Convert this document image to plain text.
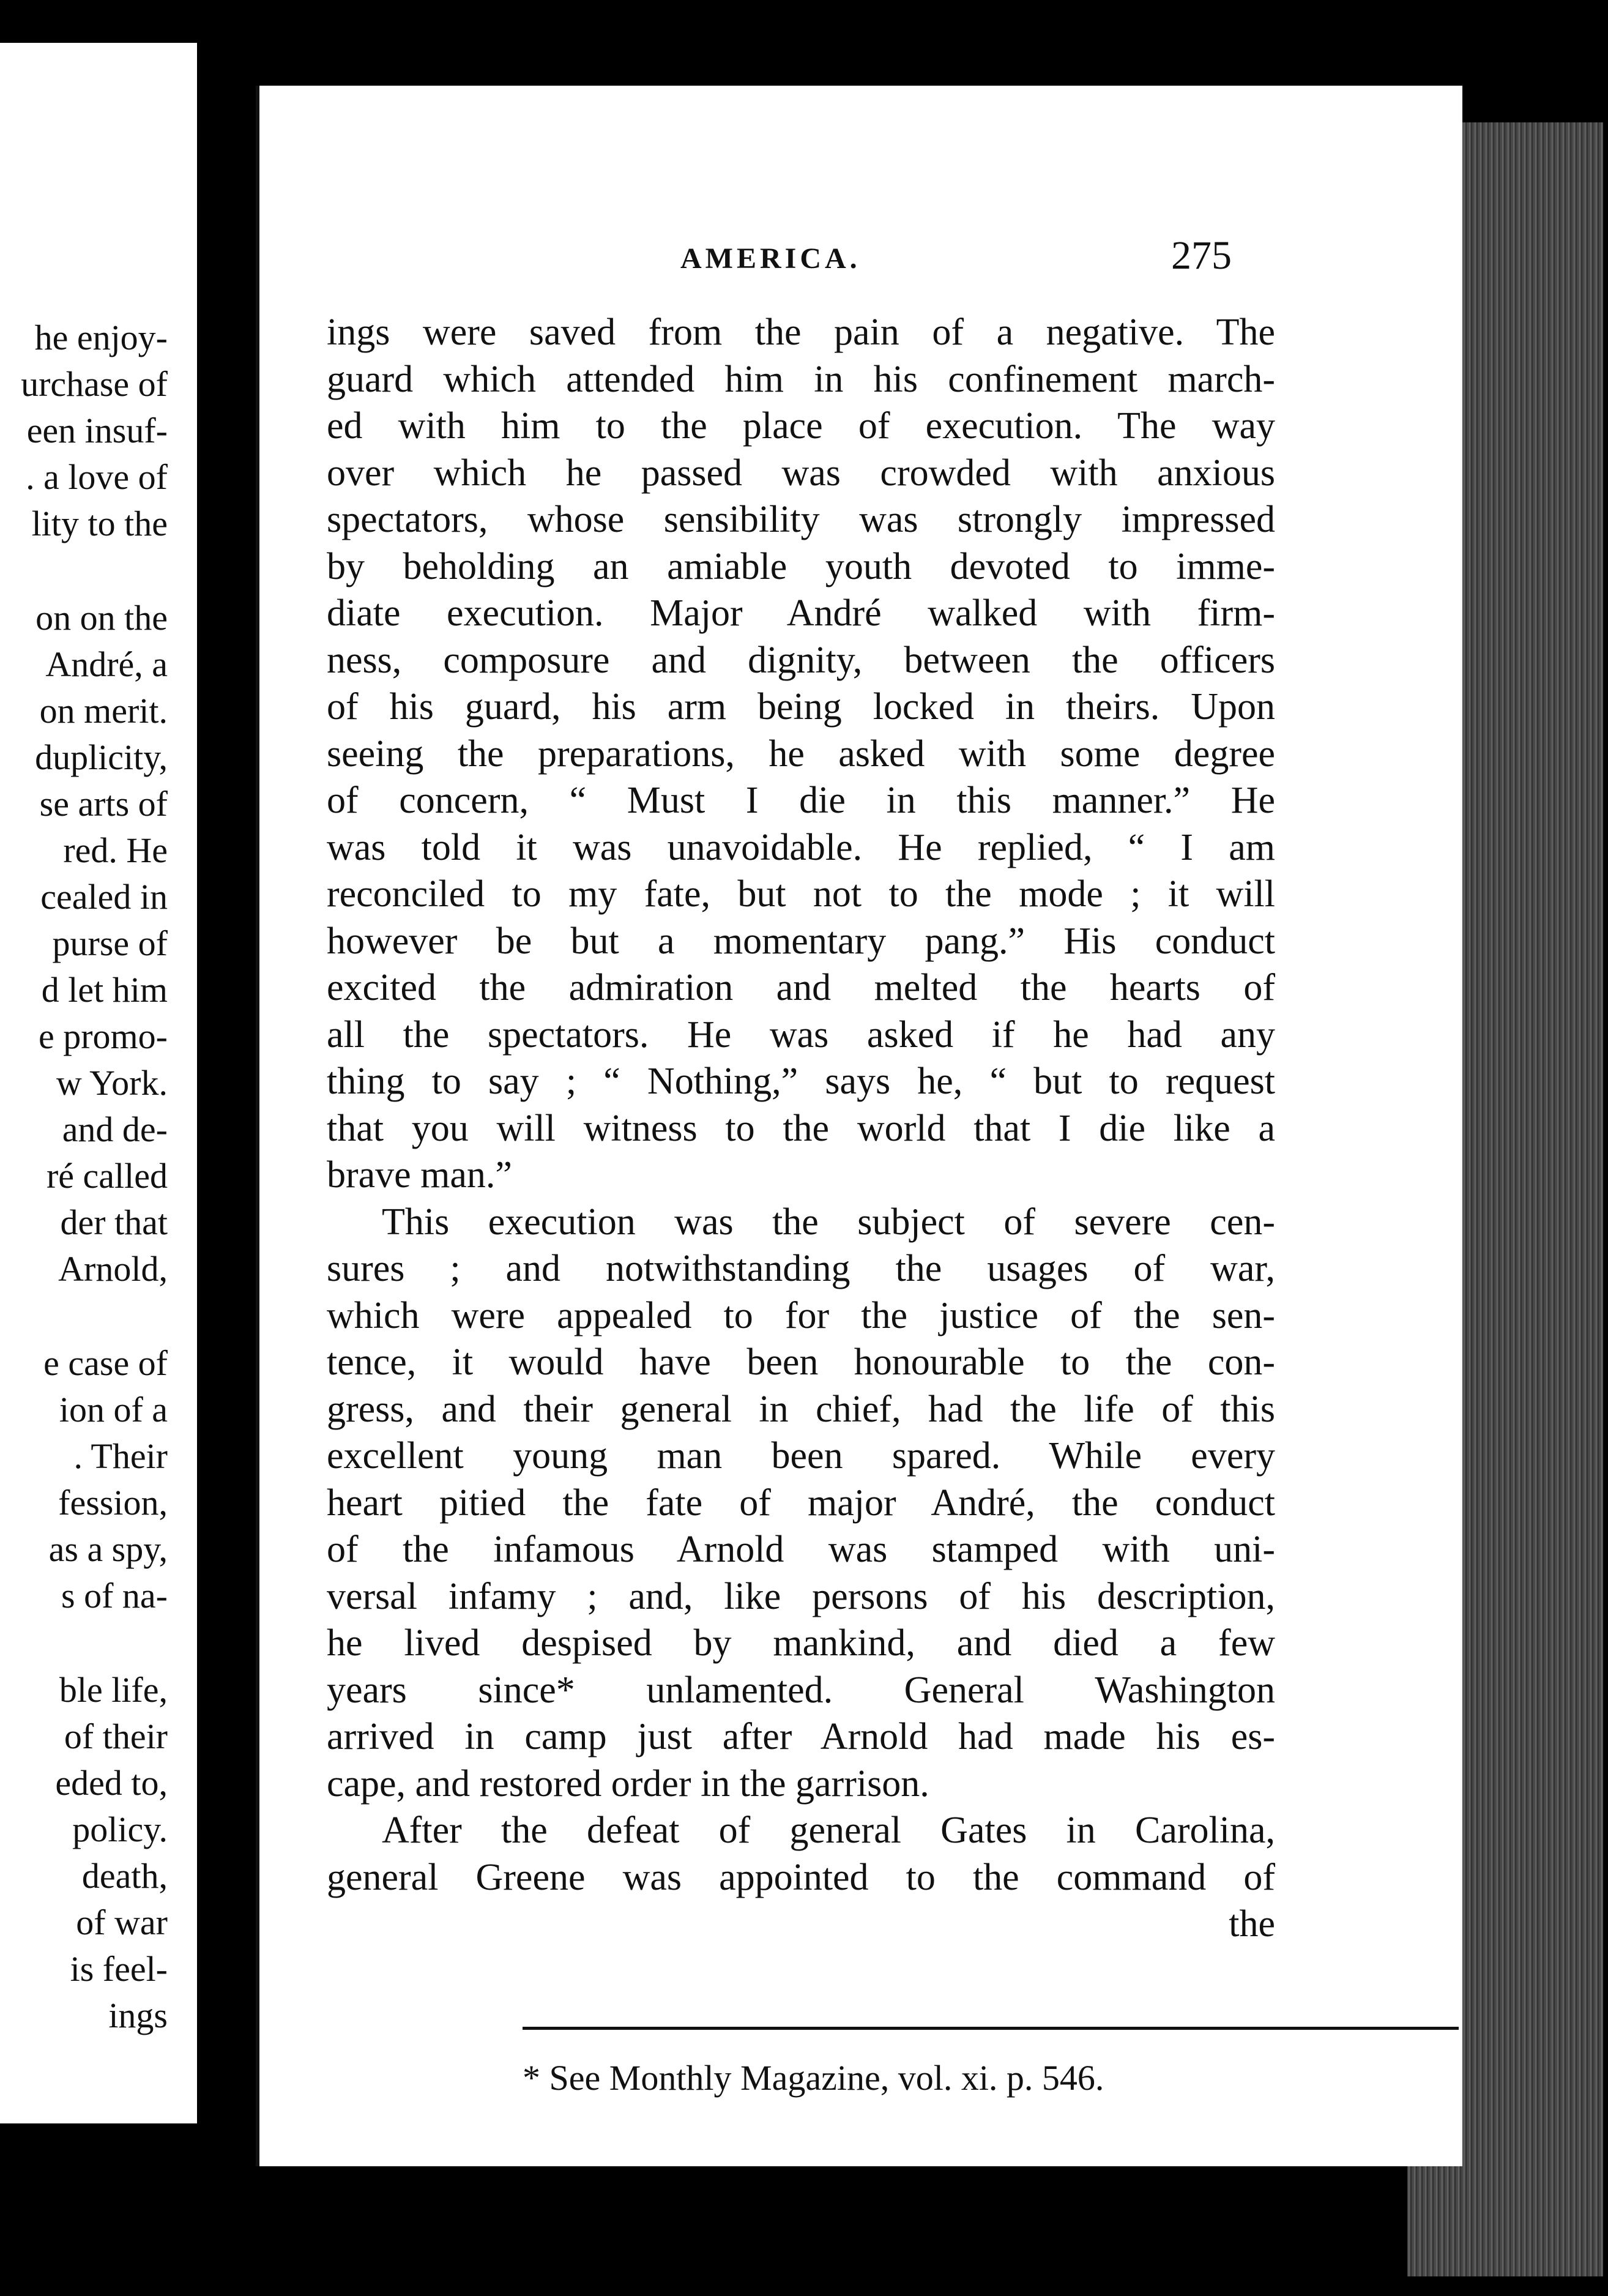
he enjoy-
urchase of
een insuf-
. a love of
lity to the
on on the
André, a
on merit.
duplicity,
se arts of
red. He
cealed in
purse of
d let him
e promo-
w York.
and de-
ré called
der that
Arnold,
e case of
ion of a
. Their
fession,
as a spy,
s of na-
ble life,
of their
eded to,
policy.
death,
of war
is feel-
ings
AMERICA.	275
ings were saved from the pain of a negative. The
guard which attended him in his confinement march-
ed with him to the place of execution. The way
over which he passed was crowded with anxious
spectators, whose sensibility was strongly impressed
by beholding an amiable youth devoted to imme-
diate execution. Major André walked with firm-
ness, composure and dignity, between the officers
of his guard, his arm being locked in theirs. Upon
seeing the preparations, he asked with some degree
of concern, “ Must I die in this manner.” He
was told it was unavoidable. He replied, “ I am
reconciled to my fate, but not to the mode ; it will
however be but a momentary pang.” His conduct
excited the admiration and melted the hearts of
all the spectators. He was asked if he had any
thing to say ; “ Nothing,” says he, “ but to request
that you will witness to the world that I die like a
brave man.”
This execution was the subject of severe cen-
sures ; and notwithstanding the usages of war,
which were appealed to for the justice of the sen-
tence, it would have been honourable to the con-
gress, and their general in chief, had the life of this
excellent young man been spared. While every
heart pitied the fate of major André, the conduct
of the infamous Arnold was stamped with uni-
versal infamy ; and, like persons of his description,
he lived despised by mankind, and died a few
years since* unlamented. General Washington
arrived in camp just after Arnold had made his es-
cape, and restored order in the garrison.
After the defeat of general Gates in Carolina,
general Greene was appointed to the command of
the
* See Monthly Magazine, vol. xi. p. 546.
